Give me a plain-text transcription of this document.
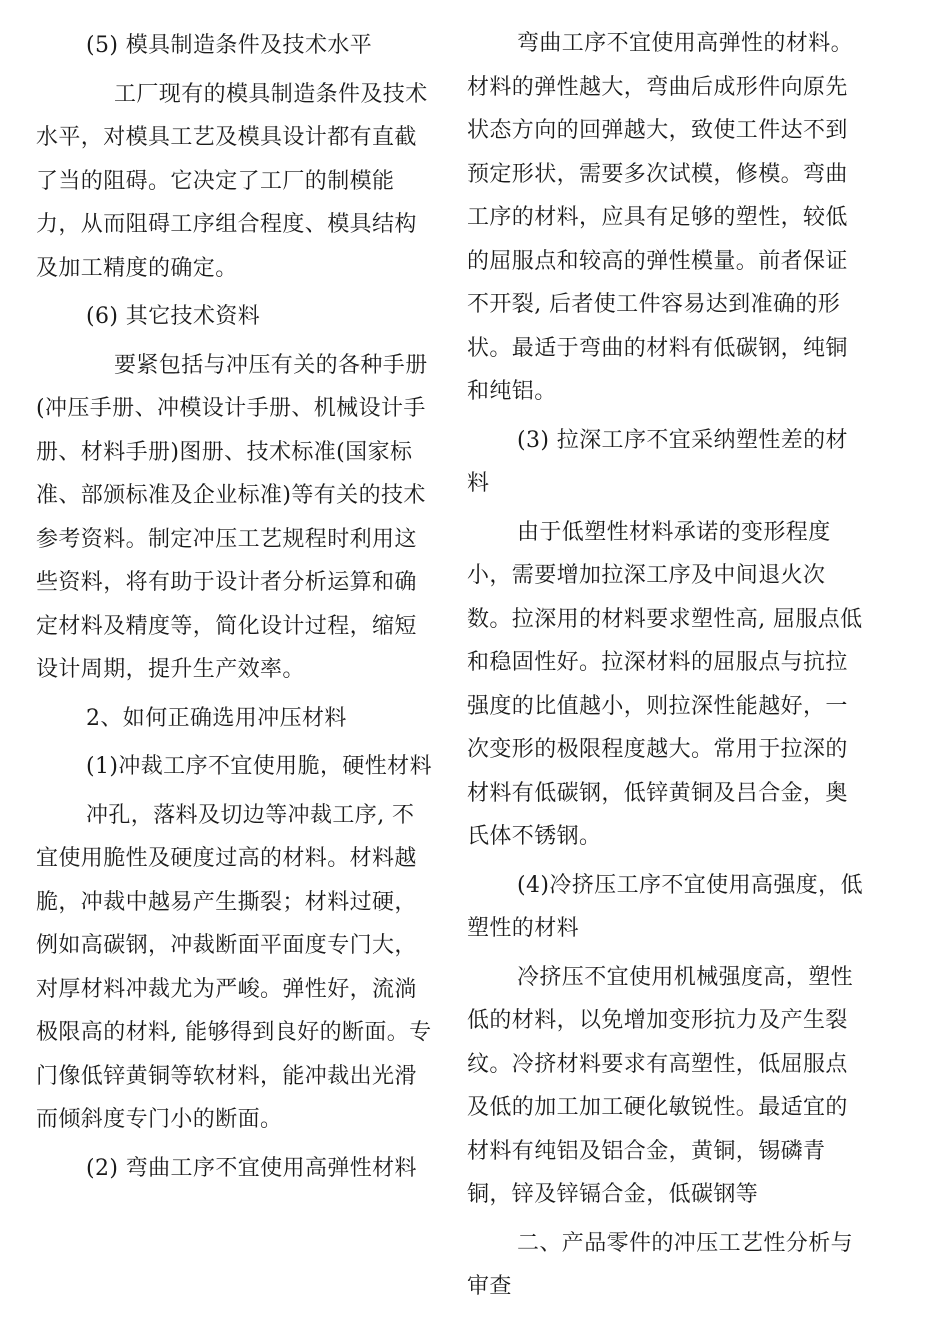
(5) 模具制造条件及技术水平

工厂现有的模具制造条件及技术水平，对模具工艺及模具设计都有直截了当的阻碍。它决定了工厂的制模能力，从而阻碍工序组合程度、模具结构及加工精度的确定。

(6) 其它技术资料

要紧包括与冲压有关的各种手册(冲压手册、冲模设计手册、机械设计手册、材料手册)图册、技术标准(国家标准、部颁标准及企业标准)等有关的技术参考资料。制定冲压工艺规程时利用这些资料，将有助于设计者分析运算和确定材料及精度等，简化设计过程，缩短设计周期，提升生产效率。

2、如何正确选用冲压材料

(1)冲裁工序不宜使用脆，硬性材料

冲孔，落料及切边等冲裁工序, 不宜使用脆性及硬度过高的材料。材料越脆，冲裁中越易产生撕裂；材料过硬，例如高碳钢，冲裁断面平面度专门大，对厚材料冲裁尤为严峻。弹性好，流淌极限高的材料, 能够得到良好的断面。专门像低锌黄铜等软材料，能冲裁出光滑而倾斜度专门小的断面。

(2) 弯曲工序不宜使用高弹性材料

弯曲工序不宜使用高弹性的材料。材料的弹性越大，弯曲后成形件向原先状态方向的回弹越大，致使工件达不到预定形状，需要多次试模，修模。弯曲工序的材料，应具有足够的塑性，较低的屈服点和较高的弹性模量。前者保证不开裂, 后者使工件容易达到准确的形状。最适于弯曲的材料有低碳钢，纯铜和纯铝。

(3) 拉深工序不宜采纳塑性差的材料

由于低塑性材料承诺的变形程度小，需要增加拉深工序及中间退火次数。拉深用的材料要求塑性高, 屈服点低和稳固性好。拉深材料的屈服点与抗拉强度的比值越小，则拉深性能越好，一次变形的极限程度越大。常用于拉深的材料有低碳钢，低锌黄铜及吕合金，奥氏体不锈钢。

(4)冷挤压工序不宜使用高强度，低塑性的材料

冷挤压不宜使用机械强度高，塑性低的材料，以免增加变形抗力及产生裂纹。冷挤材料要求有高塑性，低屈服点及低的加工加工硬化敏锐性。最适宜的材料有纯铝及铝合金，黄铜，锡磷青铜，锌及锌镉合金，低碳钢等

二、产品零件的冲压工艺性分析与审查
